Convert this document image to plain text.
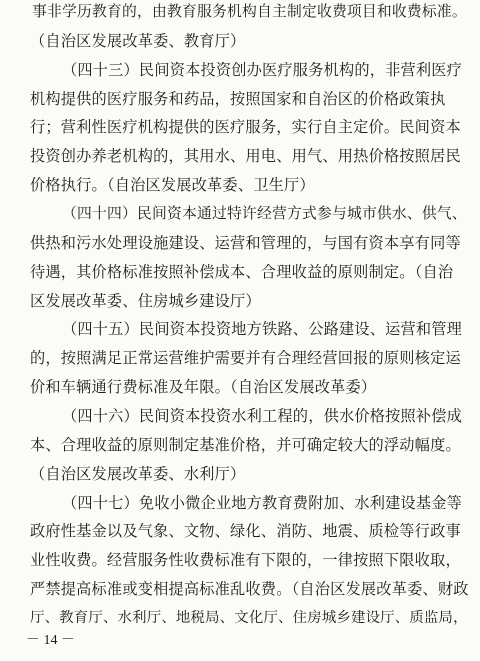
事非学历教育的，由教育服务机构自主制定收费项目和收费标准。
（自治区发展改革委、教育厅）
（四十三）民间资本投资创办医疗服务机构的，非营利医疗
机构提供的医疗服务和药品，按照国家和自治区的价格政策执
行；营利性医疗机构提供的医疗服务，实行自主定价。民间资本
投资创办养老机构的，其用水、用电、用气、用热价格按照居民
价格执行。（自治区发展改革委、卫生厅）
（四十四）民间资本通过特许经营方式参与城市供水、供气、
供热和污水处理设施建设、运营和管理的，与国有资本享有同等
待遇，其价格标准按照补偿成本、合理收益的原则制定。（自治
区发展改革委、住房城乡建设厅）
（四十五）民间资本投资地方铁路、公路建设、运营和管理
的，按照满足正常运营维护需要并有合理经营回报的原则核定运
价和车辆通行费标准及年限。（自治区发展改革委）
（四十六）民间资本投资水利工程的，供水价格按照补偿成
本、合理收益的原则制定基准价格，并可确定较大的浮动幅度。
（自治区发展改革委、水利厅）
（四十七）免收小微企业地方教育费附加、水利建设基金等
政府性基金以及气象、文物、绿化、消防、地震、质检等行政事
业性收费。经营服务性收费标准有下限的，一律按照下限收取，
严禁提高标准或变相提高标准乱收费。（自治区发展改革委、财政
厅、教育厅、水利厅、地税局、文化厅、住房城乡建设厅、质监局，
－ 14 －
